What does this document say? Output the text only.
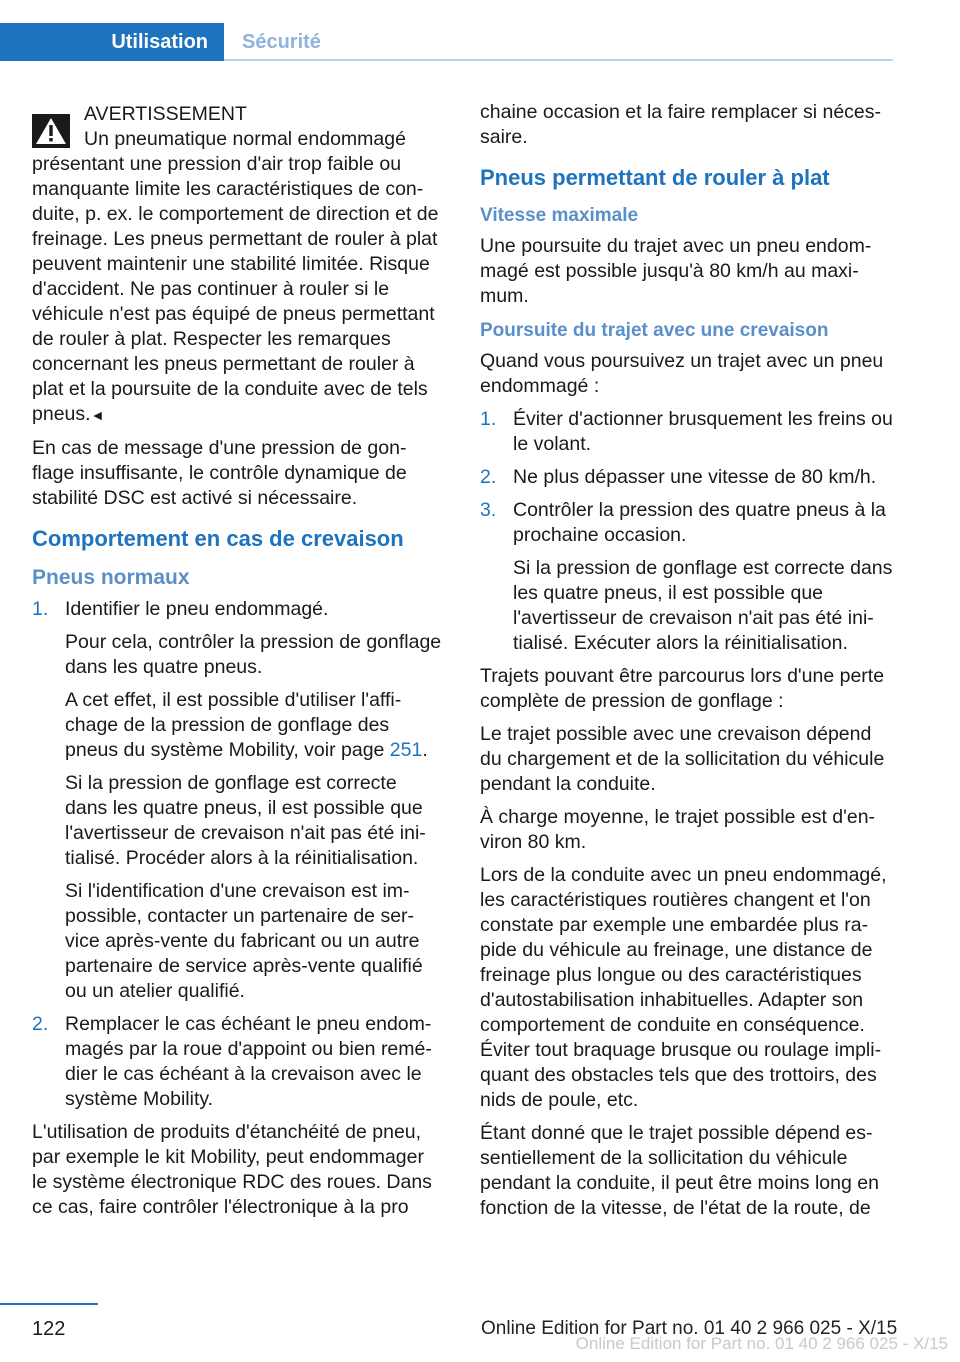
Utilisation	Sécurité

AVERTISSEMENT

Un pneumatique normal endommagé présentant une pression d'air trop faible ou manquante limite les caractéristiques de conduite, p. ex. le comportement de direction et de freinage. Les pneus permettant de rouler à plat peuvent maintenir une stabilité limitée. Risque d'accident. Ne pas continuer à rouler si le véhicule n'est pas équipé de pneus permettant de rouler à plat. Respecter les remarques concernant les pneus permettant de rouler à plat et la poursuite de la conduite avec de tels pneus.◄

En cas de message d'une pression de gonflage insuffisante, le contrôle dynamique de stabilité DSC est activé si nécessaire.

Comportement en cas de crevaison
Pneus normaux
1. Identifier le pneu endommagé.

Pour cela, contrôler la pression de gonflage dans les quatre pneus.

A cet effet, il est possible d'utiliser l'affichage de la pression de gonflage des pneus du système Mobility, voir page 251.

Si la pression de gonflage est correcte dans les quatre pneus, il est possible que l'avertisseur de crevaison n'ait pas été initialisé. Procéder alors à la réinitialisation.

Si l'identification d'une crevaison est impossible, contacter un partenaire de service après-vente du fabricant ou un autre partenaire de service après-vente qualifié ou un atelier qualifié.

2. Remplacer le cas échéant le pneu endommagés par la roue d'appoint ou bien remédier le cas échéant à la crevaison avec le système Mobility.

L'utilisation de produits d'étanchéité de pneu, par exemple le kit Mobility, peut endommager le système électronique RDC des roues. Dans ce cas, faire contrôler l'électronique à la pro

chaine occasion et la faire remplacer si nécessaire.

Pneus permettant de rouler à plat
Vitesse maximale

Une poursuite du trajet avec un pneu endommagé est possible jusqu'à 80 km/h au maximum.

Poursuite du trajet avec une crevaison

Quand vous poursuivez un trajet avec un pneu endommagé :

1. Éviter d'actionner brusquement les freins ou le volant.

2. Ne plus dépasser une vitesse de 80 km/h.

3. Contrôler la pression des quatre pneus à la prochaine occasion.

Si la pression de gonflage est correcte dans les quatre pneus, il est possible que l'avertisseur de crevaison n'ait pas été initialisé. Exécuter alors la réinitialisation.

Trajets pouvant être parcourus lors d'une perte complète de pression de gonflage :

Le trajet possible avec une crevaison dépend du chargement et de la sollicitation du véhicule pendant la conduite.

À charge moyenne, le trajet possible est d'environ 80 km.

Lors de la conduite avec un pneu endommagé, les caractéristiques routières changent et l'on constate par exemple une embardée plus rapide du véhicule au freinage, une distance de freinage plus longue ou des caractéristiques d'autostabilisation inhabituelles. Adapter son comportement de conduite en conséquence. Éviter tout braquage brusque ou roulage impliquant des obstacles tels que des trottoirs, des nids de poule, etc.

Étant donné que le trajet possible dépend essentiellement de la sollicitation du véhicule pendant la conduite, il peut être moins long en fonction de la vitesse, de l'état de la route, de

122	Online Edition for Part no. 01 40 2 966 025 - X/15
Online Edition for Part no. 01 40 2 966 025 - X/15
